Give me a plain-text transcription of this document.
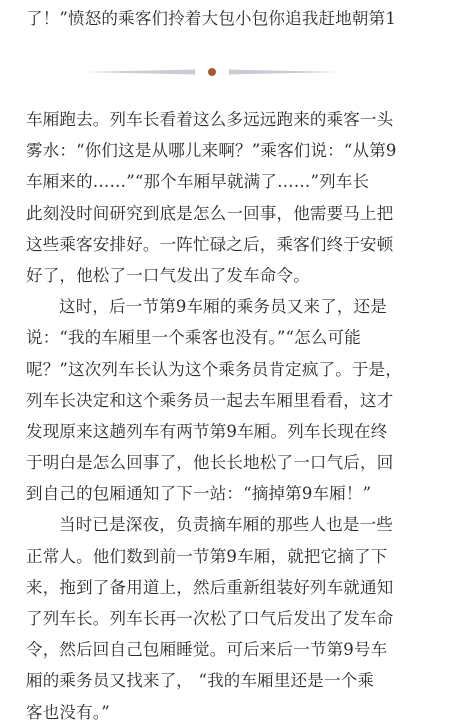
了！”愤怒的乘客们拎着大包小包你追我赶地朝第1
车厢跑去。列车长看着这么多远远跑来的乘客一头
雾水：“你们这是从哪儿来啊？”乘客们说：“从第9
车厢来的……”“那个车厢早就满了……”列车长
此刻没时间研究到底是怎么一回事，他需要马上把
这些乘客安排好。一阵忙碌之后，乘客们终于安顿
好了，他松了一口气发出了发车命令。
这时，后一节第9车厢的乘务员又来了，还是
说：“我的车厢里一个乘客也没有。”“怎么可能
呢？”这次列车长认为这个乘务员肯定疯了。于是，
列车长决定和这个乘务员一起去车厢里看看，这才
发现原来这趟列车有两节第9车厢。列车长现在终
于明白是怎么回事了，他长长地松了一口气后，回
到自己的包厢通知了下一站：“摘掉第9车厢！”
当时已是深夜，负责摘车厢的那些人也是一些
正常人。他们数到前一节第9车厢，就把它摘了下
来，拖到了备用道上，然后重新组装好列车就通知
了列车长。列车长再一次松了口气后发出了发车命
令，然后回自己包厢睡觉。可后来后一节第9号车
厢的乘务员又找来了， “我的车厢里还是一个乘
客也没有。”
